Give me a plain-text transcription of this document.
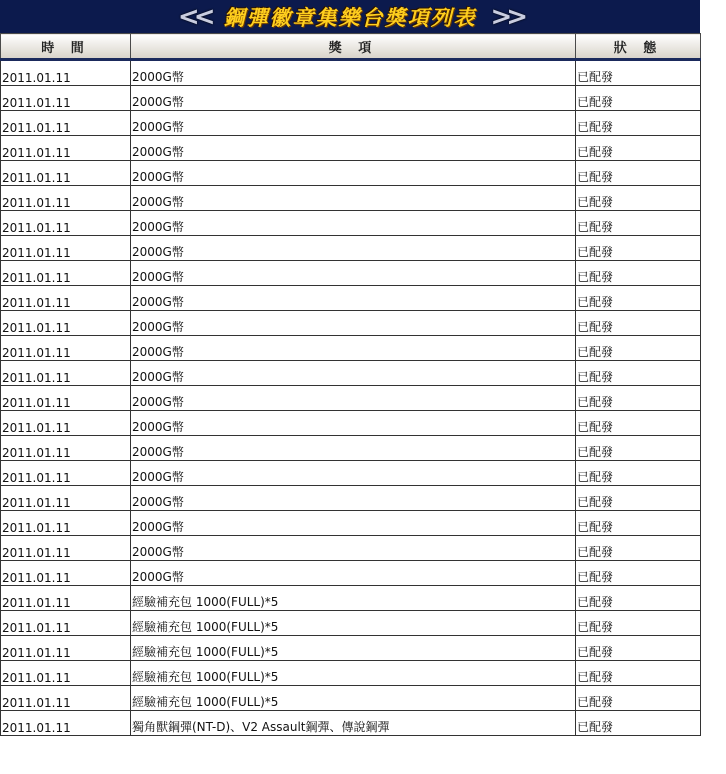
<< 鋼彈徽章集樂台獎項列表 >>
時 間	獎 項	狀 態
2011.01.11	2000G幣	已配發
2011.01.11	2000G幣	已配發
2011.01.11	2000G幣	已配發
2011.01.11	2000G幣	已配發
2011.01.11	2000G幣	已配發
2011.01.11	2000G幣	已配發
2011.01.11	2000G幣	已配發
2011.01.11	2000G幣	已配發
2011.01.11	2000G幣	已配發
2011.01.11	2000G幣	已配發
2011.01.11	2000G幣	已配發
2011.01.11	2000G幣	已配發
2011.01.11	2000G幣	已配發
2011.01.11	2000G幣	已配發
2011.01.11	2000G幣	已配發
2011.01.11	2000G幣	已配發
2011.01.11	2000G幣	已配發
2011.01.11	2000G幣	已配發
2011.01.11	2000G幣	已配發
2011.01.11	2000G幣	已配發
2011.01.11	2000G幣	已配發
2011.01.11	經驗補充包 1000(FULL)*5	已配發
2011.01.11	經驗補充包 1000(FULL)*5	已配發
2011.01.11	經驗補充包 1000(FULL)*5	已配發
2011.01.11	經驗補充包 1000(FULL)*5	已配發
2011.01.11	經驗補充包 1000(FULL)*5	已配發
2011.01.11	獨角獸鋼彈(NT-D)、V2 Assault鋼彈、傳說鋼彈	已配發
